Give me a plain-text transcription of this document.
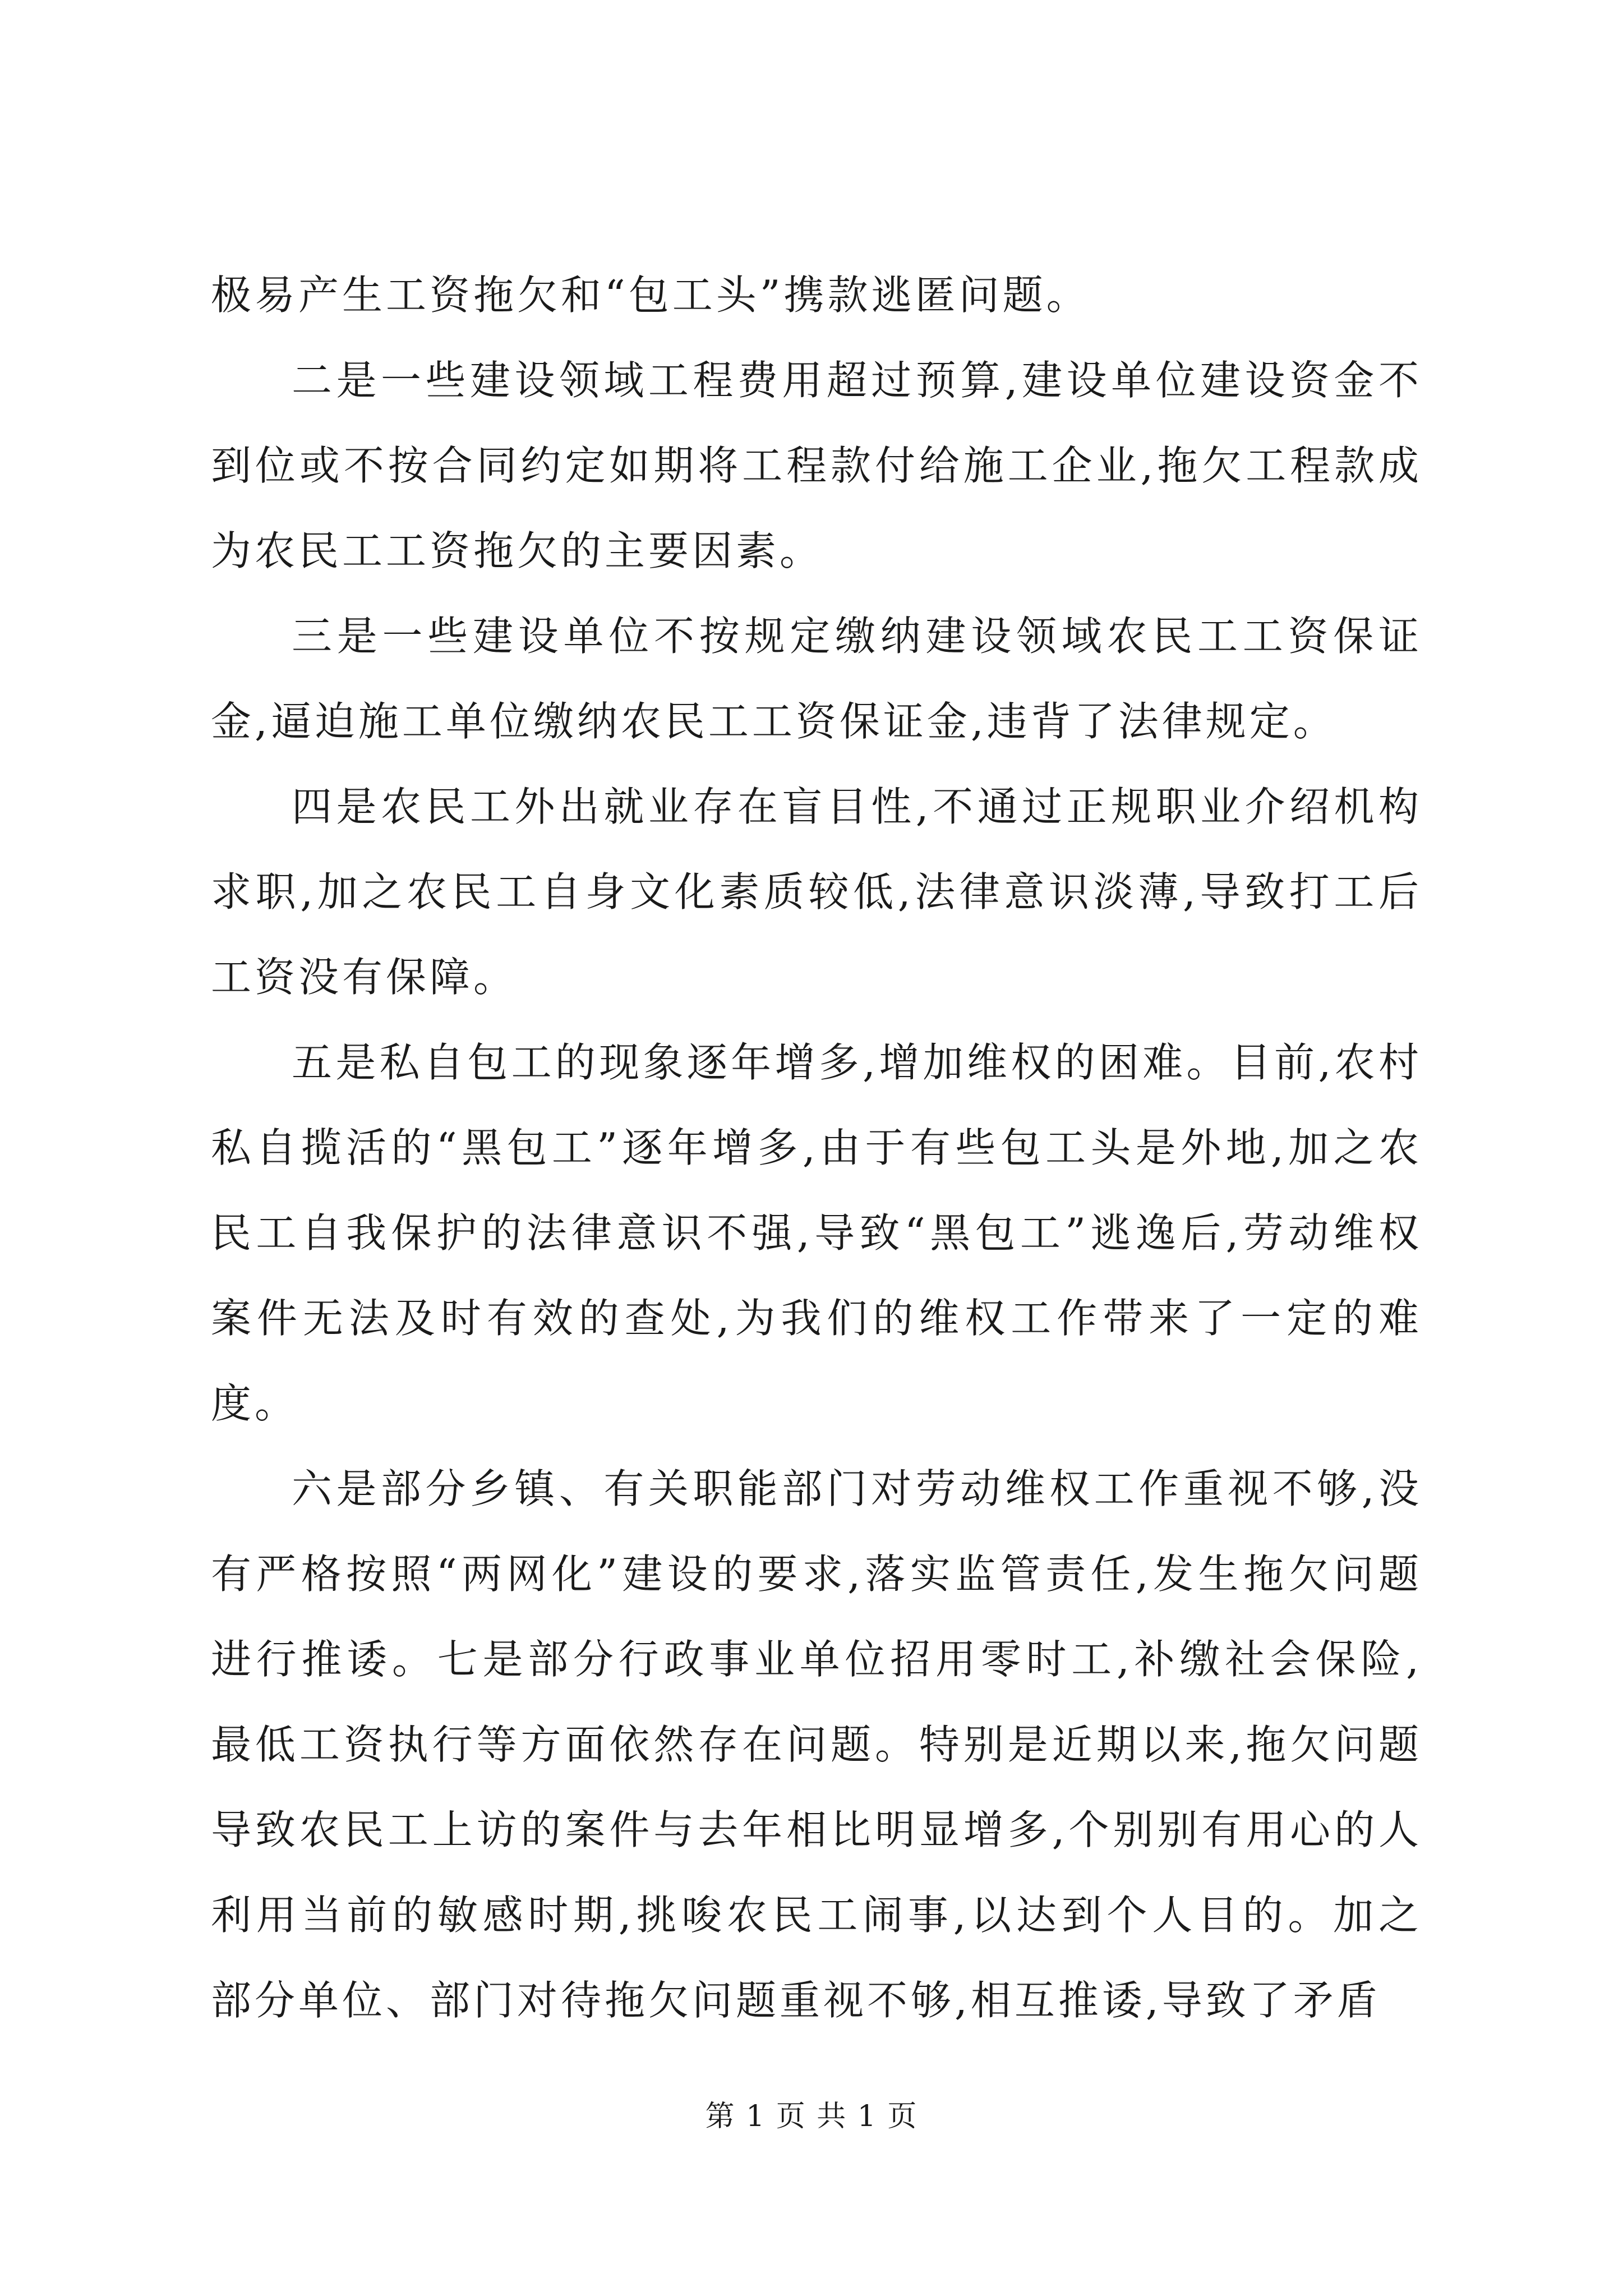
极易产生工资拖欠和“包工头”携款逃匿问题。

二是一些建设领域工程费用超过预算,建设单位建设资金不到位或不按合同约定如期将工程款付给施工企业,拖欠工程款成为农民工工资拖欠的主要因素。

三是一些建设单位不按规定缴纳建设领域农民工工资保证金,逼迫施工单位缴纳农民工工资保证金,违背了法律规定。

四是农民工外出就业存在盲目性,不通过正规职业介绍机构求职,加之农民工自身文化素质较低,法律意识淡薄,导致打工后工资没有保障。

五是私自包工的现象逐年增多,增加维权的困难。目前,农村私自揽活的“黑包工”逐年增多,由于有些包工头是外地,加之农民工自我保护的法律意识不强,导致“黑包工”逃逸后,劳动维权案件无法及时有效的查处,为我们的维权工作带来了一定的难度。

六是部分乡镇、有关职能部门对劳动维权工作重视不够,没有严格按照“两网化”建设的要求,落实监管责任,发生拖欠问题进行推诿。七是部分行政事业单位招用零时工,补缴社会保险,最低工资执行等方面依然存在问题。特别是近期以来,拖欠问题导致农民工上访的案件与去年相比明显增多,个别别有用心的人利用当前的敏感时期,挑唆农民工闹事,以达到个人目的。加之部分单位、部门对待拖欠问题重视不够,相互推诿,导致了矛盾

第 1 页 共 1 页
